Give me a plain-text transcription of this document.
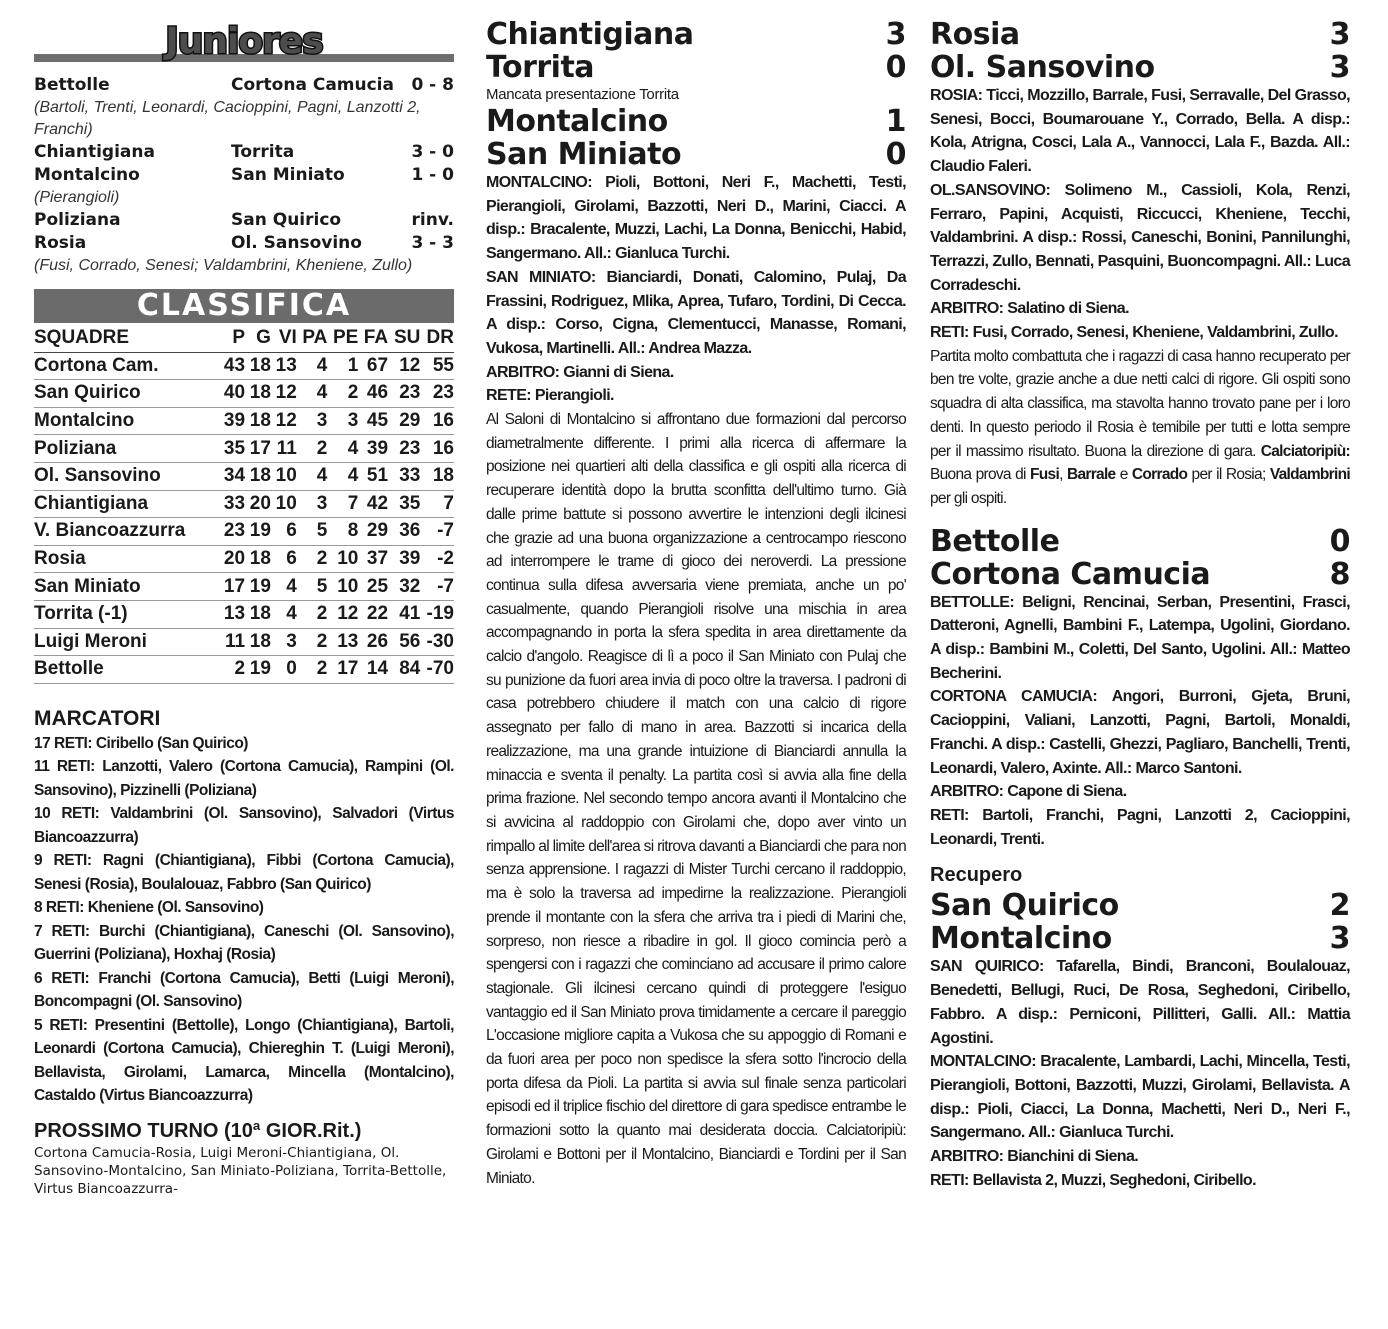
Juniores
Bettolle	Cortona Camucia	0 - 8
(Bartoli, Trenti, Leonardi, Cacioppini, Pagni, Lanzotti 2, Franchi)
Chiantigiana	Torrita	3 - 0
Montalcino	San Miniato	1 - 0
(Pierangioli)
Poliziana	San Quirico	rinv.
Rosia	Ol. Sansovino	3 - 3
(Fusi, Corrado, Senesi; Valdambrini, Kheniene, Zullo)
CLASSIFICA
SQUADRE	P	G	VI	PA	PE	FA	SU	DR
Cortona Cam.	43	18	13	4	1	67	12	55
San Quirico	40	18	12	4	2	46	23	23
Montalcino	39	18	12	3	3	45	29	16
Poliziana	35	17	11	2	4	39	23	16
Ol. Sansovino	34	18	10	4	4	51	33	18
Chiantigiana	33	20	10	3	7	42	35	7
V. Biancoazzurra	23	19	6	5	8	29	36	-7
Rosia	20	18	6	2	10	37	39	-2
San Miniato	17	19	4	5	10	25	32	-7
Torrita (-1)	13	18	4	2	12	22	41	-19
Luigi Meroni	11	18	3	2	13	26	56	-30
Bettolle	2	19	0	2	17	14	84	-70
MARCATORI
17 RETI: Ciribello (San Quirico)
11 RETI: Lanzotti, Valero (Cortona Camucia), Rampini (Ol. Sansovino), Pizzinelli (Poliziana)
10 RETI: Valdambrini (Ol. Sansovino), Salvadori (Virtus Biancoazzurra)
9 RETI: Ragni (Chiantigiana), Fibbi (Cortona Camucia), Senesi (Rosia), Boulalouaz, Fabbro (San Quirico)
8 RETI: Kheniene (Ol. Sansovino)
7 RETI: Burchi (Chiantigiana), Caneschi (Ol. Sansovino), Guerrini (Poliziana), Hoxhaj (Rosia)
6 RETI: Franchi (Cortona Camucia), Betti (Luigi Meroni), Boncompagni (Ol. Sansovino)
5 RETI: Presentini (Bettolle), Longo (Chiantigiana), Bartoli, Leonardi (Cortona Camucia), Chiereghin T. (Luigi Meroni), Bellavista, Girolami, Lamarca, Mincella (Montalcino), Castaldo (Virtus Biancoazzurra)
PROSSIMO TURNO (10ª GIOR.Rit.)
Cortona Camucia-Rosia, Luigi Meroni-Chiantigiana, Ol. Sansovino-Montalcino, San Miniato-Poliziana, Torrita-Bettolle, Virtus Biancoazzurra-
Chiantigiana	3
Torrita	0
Mancata presentazione Torrita
Montalcino	1
San Miniato	0
MONTALCINO: Pioli, Bottoni, Neri F., Machetti, Testi, Pierangioli, Girolami, Bazzotti, Neri D., Marini, Ciacci. A disp.: Bracalente, Muzzi, Lachi, La Donna, Benicchi, Habid, Sangermano. All.: Gianluca Turchi.
SAN MINIATO: Bianciardi, Donati, Calomino, Pulaj, Da Frassini, Rodriguez, Mlika, Aprea, Tufaro, Tordini, Di Cecca. A disp.: Corso, Cigna, Clementucci, Manasse, Romani, Vukosa, Martinelli. All.: Andrea Mazza.
ARBITRO: Gianni di Siena.
RETE: Pierangioli.
Al Saloni di Montalcino si affrontano due formazioni dal percorso diametralmente differente. I primi alla ricerca di affermare la posizione nei quartieri alti della classifica e gli ospiti alla ricerca di recuperare identità dopo la brutta sconfitta dell'ultimo turno. Già dalle prime battute si possono avvertire le intenzioni degli ilcinesi che grazie ad una buona organizzazione a centrocampo riescono ad interrompere le trame di gioco dei neroverdi. La pressione continua sulla difesa avversaria viene premiata, anche un po' casualmente, quando Pierangioli risolve una mischia in area accompagnando in porta la sfera spedita in area direttamente da calcio d'angolo. Reagisce di lì a poco il San Miniato con Pulaj che su punizione da fuori area invia di poco oltre la traversa. I padroni di casa potrebbero chiudere il match con una calcio di rigore assegnato per fallo di mano in area. Bazzotti si incarica della realizzazione, ma una grande intuizione di Bianciardi annulla la minaccia e sventa il penalty. La partita così si avvia alla fine della prima frazione. Nel secondo tempo ancora avanti il Montalcino che si avvicina al raddoppio con Girolami che, dopo aver vinto un rimpallo al limite dell'area si ritrova davanti a Bianciardi che para non senza apprensione. I ragazzi di Mister Turchi cercano il raddoppio, ma è solo la traversa ad impedirne la realizzazione. Pierangioli prende il montante con la sfera che arriva tra i piedi di Marini che, sorpreso, non riesce a ribadire in gol. Il gioco comincia però a spengersi con i ragazzi che cominciano ad accusare il primo calore stagionale. Gli ilcinesi cercano quindi di proteggere l'esiguo vantaggio ed il San Miniato prova timidamente a cercare il pareggio L'occasione migliore capita a Vukosa che su appoggio di Romani e da fuori area per poco non spedisce la sfera sotto l'incrocio della porta difesa da Pioli. La partita si avvia sul finale senza particolari episodi ed il triplice fischio del direttore di gara spedisce entrambe le formazioni sotto la quanto mai desiderata doccia. Calciatoripiù: Girolami e Bottoni per il Montalcino, Bianciardi e Tordini per il San Miniato.
Rosia	3
Ol. Sansovino	3
ROSIA: Ticci, Mozzillo, Barrale, Fusi, Serravalle, Del Grasso, Senesi, Bocci, Boumarouane Y., Corrado, Bella. A disp.: Kola, Atrigna, Cosci, Lala A., Vannocci, Lala F., Bazda. All.: Claudio Faleri.
OL.SANSOVINO: Solimeno M., Cassioli, Kola, Renzi, Ferraro, Papini, Acquisti, Riccucci, Kheniene, Tecchi, Valdambrini. A disp.: Rossi, Caneschi, Bonini, Pannilunghi, Terrazzi, Zullo, Bennati, Pasquini, Buoncompagni. All.: Luca Corradeschi.
ARBITRO: Salatino di Siena.
RETI: Fusi, Corrado, Senesi, Kheniene, Valdambrini, Zullo.
Partita molto combattuta che i ragazzi di casa hanno recuperato per ben tre volte, grazie anche a due netti calci di rigore. Gli ospiti sono squadra di alta classifica, ma stavolta hanno trovato pane per i loro denti. In questo periodo il Rosia è temibile per tutti e lotta sempre per il massimo risultato. Buona la direzione di gara. Calciatoripiù: Buona prova di Fusi, Barrale e Corrado per il Rosia; Valdambrini per gli ospiti.
Bettolle	0
Cortona Camucia	8
BETTOLLE: Beligni, Rencinai, Serban, Presentini, Frasci, Datteroni, Agnelli, Bambini F., Latempa, Ugolini, Giordano. A disp.: Bambini M., Coletti, Del Santo, Ugolini. All.: Matteo Becherini.
CORTONA CAMUCIA: Angori, Burroni, Gjeta, Bruni, Cacioppini, Valiani, Lanzotti, Pagni, Bartoli, Monaldi, Franchi. A disp.: Castelli, Ghezzi, Pagliaro, Banchelli, Trenti, Leonardi, Valero, Axinte. All.: Marco Santoni.
ARBITRO: Capone di Siena.
RETI: Bartoli, Franchi, Pagni, Lanzotti 2, Cacioppini, Leonardi, Trenti.
Recupero
San Quirico	2
Montalcino	3
SAN QUIRICO: Tafarella, Bindi, Branconi, Boulalouaz, Benedetti, Bellugi, Ruci, De Rosa, Seghedoni, Ciribello, Fabbro. A disp.: Perniconi, Pillitteri, Galli. All.: Mattia Agostini.
MONTALCINO: Bracalente, Lambardi, Lachi, Mincella, Testi, Pierangioli, Bottoni, Bazzotti, Muzzi, Girolami, Bellavista. A disp.: Pioli, Ciacci, La Donna, Machetti, Neri D., Neri F., Sangermano. All.: Gianluca Turchi.
ARBITRO: Bianchini di Siena.
RETI: Bellavista 2, Muzzi, Seghedoni, Ciribello.
